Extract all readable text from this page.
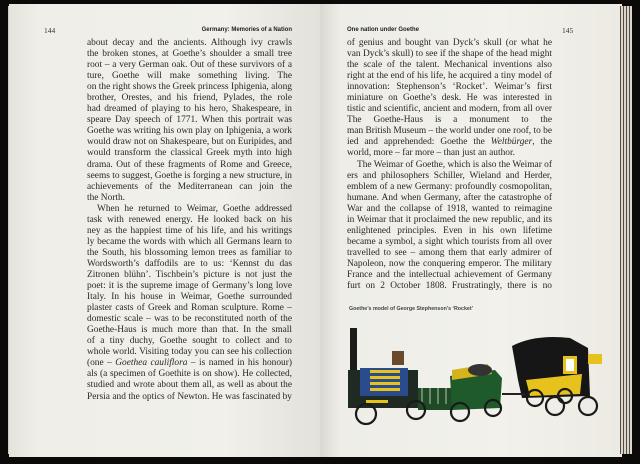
144	Germany: Memories of a Nation	One nation under Goethe	145
about decay and the ancients. Although ivy crawls
the broken stones, at Goethe’s shoulder a small tree
root – a very German oak. Out of these survivors of a
ture, Goethe will make something living. The
on the right shows the Greek princess Iphigenia, along
brother, Orestes, and his friend, Pylades, the role
had dreamed of playing to his hero, Shakespeare, in
speare Day speech of 1771. When this portrait was
Goethe was writing his own play on Iphigenia, a work
would draw not on Shakespeare, but on Euripides, and
would transform the classical Greek myth into high
drama. Out of these fragments of Rome and Greece,
seems to suggest, Goethe is forging a new structure, in
achievements of the Mediterranean can join the
the North.
When he returned to Weimar, Goethe addressed
task with renewed energy. He looked back on his
ney as the happiest time of his life, and his writings
ly became the words with which all Germans learn to
the South, his blossoming lemon trees as familiar to
Wordsworth’s daffodils are to us: ‘Kennst du das
Zitronen blühn’. Tischbein’s picture is not just the
poet: it is the supreme image of Germany’s long love
Italy. In his house in Weimar, Goethe surrounded
plaster casts of Greek and Roman sculpture. Rome –
domestic scale – was to be reconstituted north of the
Goethe-Haus is much more than that. In the small
of a tiny duchy, Goethe sought to collect and to
whole world. Visiting today you can see his collection
(one – Goethea cauliflora – is named in his honour)
als (a specimen of Goethite is on show). He collected,
studied and wrote about them all, as well as about the
Persia and the optics of Newton. He was fascinated by
of genius and bought van Dyck’s skull (or what he
van Dyck’s skull) to see if the shape of the head might
the scale of the talent. Mechanical inventions also
right at the end of his life, he acquired a tiny model of
innovation: Stephenson’s ‘Rocket’. Weimar’s first
miniature on Goethe’s desk. He was interested in
tistic and scientific, ancient and modern, from all over
The Goethe-Haus is a monument to the
man British Museum – the world under one roof, to be
ied and apprehended: Goethe the Weltbürger, the
world, more – far more – than just an author.
The Weimar of Goethe, which is also the Weimar of
ers and philosophers Schiller, Wieland and Herder,
emblem of a new Germany: profoundly cosmopolitan,
humane. And when Germany, after the catastrophe of
War and the collapse of 1918, wanted to reimagine
in Weimar that it proclaimed the new republic, and its
enlightened principles. Even in his own lifetime
became a symbol, a sight which tourists from all over
travelled to see – among them that early admirer of
Napoleon, now the conquering emperor. The military
France and the intellectual achievement of Germany
furt on 2 October 1808. Frustratingly, there is no
Goethe’s model of George Stephenson’s ‘Rocket’
